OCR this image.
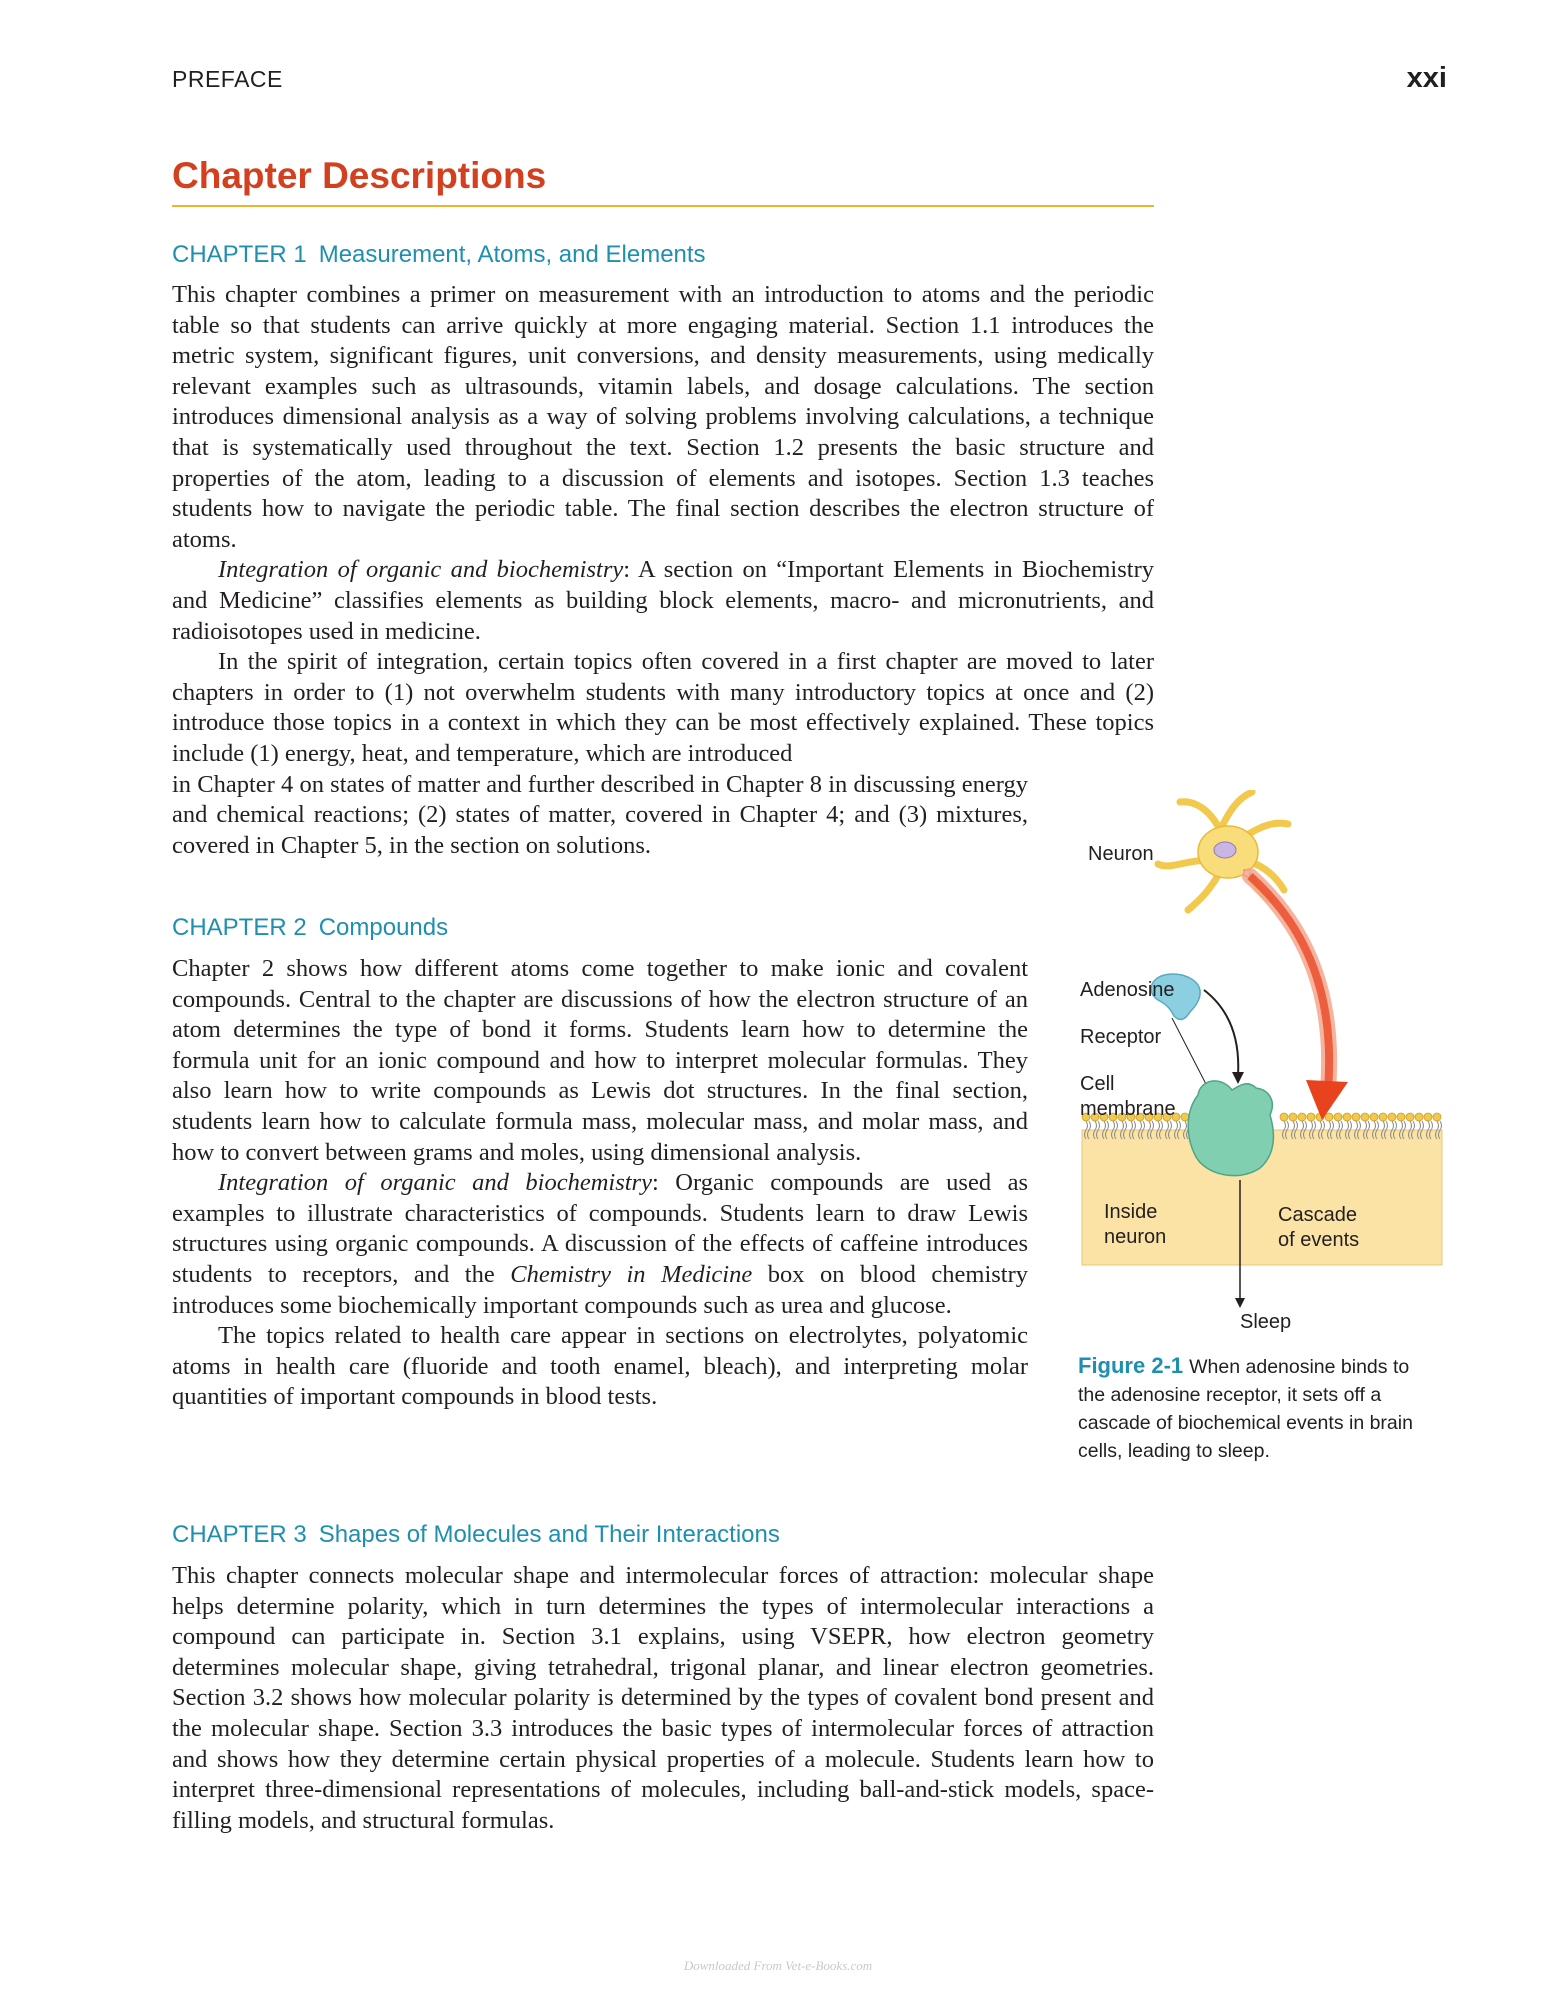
PREFACE	xxi
Chapter Descriptions
CHAPTER 1 Measurement, Atoms, and Elements

This chapter combines a primer on measurement with an introduction to atoms and the periodic table so that students can arrive quickly at more engaging material. Section 1.1 introduces the metric system, significant figures, unit conversions, and density measurements, using medically relevant examples such as ultrasounds, vitamin labels, and dosage calculations. The section introduces dimensional analysis as a way of solving problems involving calculations, a technique that is systematically used throughout the text. Section 1.2 presents the basic structure and properties of the atom, leading to a discussion of elements and isotopes. Section 1.3 teaches students how to navigate the periodic table. The final section describes the electron structure of atoms.

Integration of organic and biochemistry: A section on “Important Elements in Biochemistry and Medicine” classifies elements as building block elements, macro- and micronutrients, and radioisotopes used in medicine.

In the spirit of integration, certain topics often covered in a first chapter are moved to later chapters in order to (1) not overwhelm students with many introductory topics at once and (2) introduce those topics in a context in which they can be most effectively explained. These topics include (1) energy, heat, and temperature, which are introduced

in Chapter 4 on states of matter and further described in Chapter 8 in discussing energy and chemical reactions; (2) states of matter, covered in Chapter 4; and (3) mixtures, covered in Chapter 5, in the section on solutions.

CHAPTER 2 Compounds

Chapter 2 shows how different atoms come together to make ionic and covalent compounds. Central to the chapter are discussions of how the electron structure of an atom determines the type of bond it forms. Students learn how to determine the formula unit for an ionic compound and how to interpret molecular formulas. They also learn how to write compounds as Lewis dot structures. In the final section, students learn how to calculate formula mass, molecular mass, and molar mass, and how to convert between grams and moles, using dimensional analysis.

Integration of organic and biochemistry: Organic compounds are used as examples to illustrate characteristics of compounds. Students learn to draw Lewis structures using organic compounds. A discussion of the effects of caffeine introduces students to receptors, and the Chemistry in Medicine box on blood chemistry introduces some biochemically important compounds such as urea and glucose.

The topics related to health care appear in sections on electrolytes, polyatomic atoms in health care (fluoride and tooth enamel, bleach), and interpreting molar quantities of important compounds in blood tests.

Neuron
Adenosine
Receptor
Cell membrane
Inside neuron
Cascade of events
Sleep
Figure 2-1 When adenosine binds to the adenosine receptor, it sets off a cascade of biochemical events in brain cells, leading to sleep.
CHAPTER 3 Shapes of Molecules and Their Interactions

This chapter connects molecular shape and intermolecular forces of attraction: molecular shape helps determine polarity, which in turn determines the types of intermolecular interactions a compound can participate in. Section 3.1 explains, using VSEPR, how electron geometry determines molecular shape, giving tetrahedral, trigonal planar, and linear electron geometries. Section 3.2 shows how molecular polarity is determined by the types of covalent bond present and the molecular shape. Section 3.3 introduces the basic types of intermolecular forces of attraction and shows how they determine certain physical properties of a molecule. Students learn how to interpret three-dimensional representations of molecules, including ball-and-stick models, space-filling models, and structural formulas.

Downloaded From Vet-e-Books.com
